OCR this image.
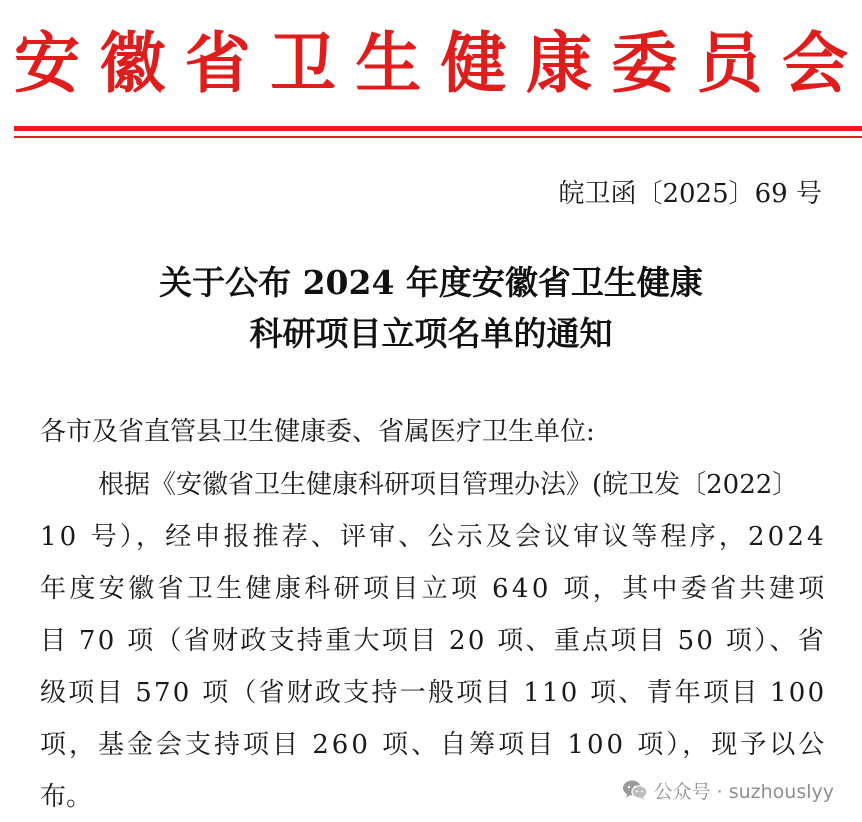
安 徽 省 卫 生 健 康 委 员 会
皖卫函〔2025〕69 号
关于公布 2024 年度安徽省卫生健康
科研项目立项名单的通知
各市及省直管县卫生健康委、省属医疗卫生单位:
根据《安徽省卫生健康科研项目管理办法》(皖卫发〔2022〕
10 号），经申报推荐、评审、公示及会议审议等程序，2024
年度安徽省卫生健康科研项目立项 640 项，其中委省共建项
目 70 项（省财政支持重大项目 20 项、重点项目 50 项）、省
级项目 570 项（省财政支持一般项目 110 项、青年项目 100
项，基金会支持项目 260 项、自筹项目 100 项），现予以公
布。	公众号 · suzhouslyy
